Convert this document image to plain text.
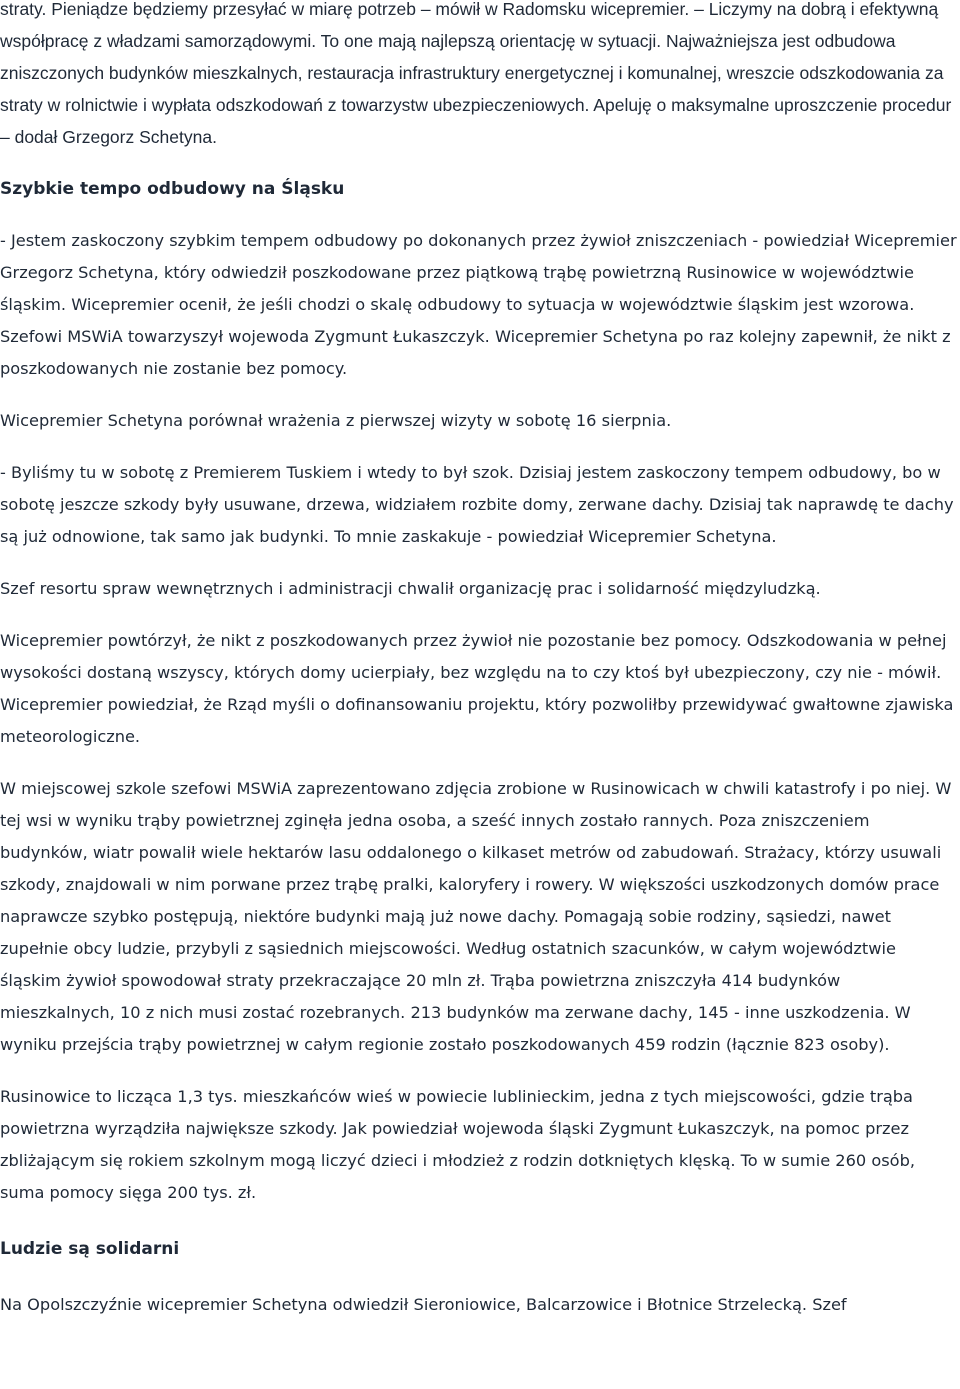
straty. Pieniądze będziemy przesyłać w miarę potrzeb – mówił w Radomsku wicepremier. – Liczymy na dobrą i efektywną współpracę z władzami samorządowymi. To one mają najlepszą orientację w sytuacji. Najważniejsza jest odbudowa zniszczonych budynków mieszkalnych, restauracja infrastruktury energetycznej i komunalnej, wreszcie odszkodowania za straty w rolnictwie i wypłata odszkodowań z towarzystw ubezpieczeniowych. Apeluję o maksymalne uproszczenie procedur – dodał Grzegorz Schetyna.

Szybkie tempo odbudowy na Śląsku

- Jestem zaskoczony szybkim tempem odbudowy po dokonanych przez żywioł zniszczeniach - powiedział Wicepremier Grzegorz Schetyna, który odwiedził poszkodowane przez piątkową trąbę powietrzną Rusinowice w województwie śląskim. Wicepremier ocenił, że jeśli chodzi o skalę odbudowy to sytuacja w województwie śląskim jest wzorowa. Szefowi MSWiA towarzyszył wojewoda Zygmunt Łukaszczyk. Wicepremier Schetyna po raz kolejny zapewnił, że nikt z poszkodowanych nie zostanie bez pomocy.

Wicepremier Schetyna porównał wrażenia z pierwszej wizyty w sobotę 16 sierpnia.

- Byliśmy tu w sobotę z Premierem Tuskiem i wtedy to był szok. Dzisiaj jestem zaskoczony tempem odbudowy, bo w sobotę jeszcze szkody były usuwane, drzewa, widziałem rozbite domy, zerwane dachy. Dzisiaj tak naprawdę te dachy są już odnowione, tak samo jak budynki. To mnie zaskakuje - powiedział Wicepremier Schetyna.

Szef resortu spraw wewnętrznych i administracji chwalił organizację prac i solidarność międzyludzką.

Wicepremier powtórzył, że nikt z poszkodowanych przez żywioł nie pozostanie bez pomocy. Odszkodowania w pełnej wysokości dostaną wszyscy, których domy ucierpiały, bez względu na to czy ktoś był ubezpieczony, czy nie - mówił. Wicepremier powiedział, że Rząd myśli o dofinansowaniu projektu, który pozwoliłby przewidywać gwałtowne zjawiska meteorologiczne.

W miejscowej szkole szefowi MSWiA zaprezentowano zdjęcia zrobione w Rusinowicach w chwili katastrofy i po niej. W tej wsi w wyniku trąby powietrznej zginęła jedna osoba, a sześć innych zostało rannych. Poza zniszczeniem budynków, wiatr powalił wiele hektarów lasu oddalonego o kilkaset metrów od zabudowań. Strażacy, którzy usuwali szkody, znajdowali w nim porwane przez trąbę pralki, kaloryfery i rowery. W większości uszkodzonych domów prace naprawcze szybko postępują, niektóre budynki mają już nowe dachy. Pomagają sobie rodziny, sąsiedzi, nawet zupełnie obcy ludzie, przybyli z sąsiednich miejscowości. Według ostatnich szacunków, w całym województwie śląskim żywioł spowodował straty przekraczające 20 mln zł. Trąba powietrzna zniszczyła 414 budynków mieszkalnych, 10 z nich musi zostać rozebranych. 213 budynków ma zerwane dachy, 145 - inne uszkodzenia. W wyniku przejścia trąby powietrznej w całym regionie zostało poszkodowanych 459 rodzin (łącznie 823 osoby).

Rusinowice to licząca 1,3 tys. mieszkańców wieś w powiecie lublinieckim, jedna z tych miejscowości, gdzie trąba powietrzna wyrządziła największe szkody. Jak powiedział wojewoda śląski Zygmunt Łukaszczyk, na pomoc przez zbliżającym się rokiem szkolnym mogą liczyć dzieci i młodzież z rodzin dotkniętych klęską. To w sumie 260 osób, suma pomocy sięga 200 tys. zł.

Ludzie są solidarni

Na Opolszczyźnie wicepremier Schetyna odwiedził Sieroniowice, Balcarzowice i Błotnice Strzelecką. Szef
